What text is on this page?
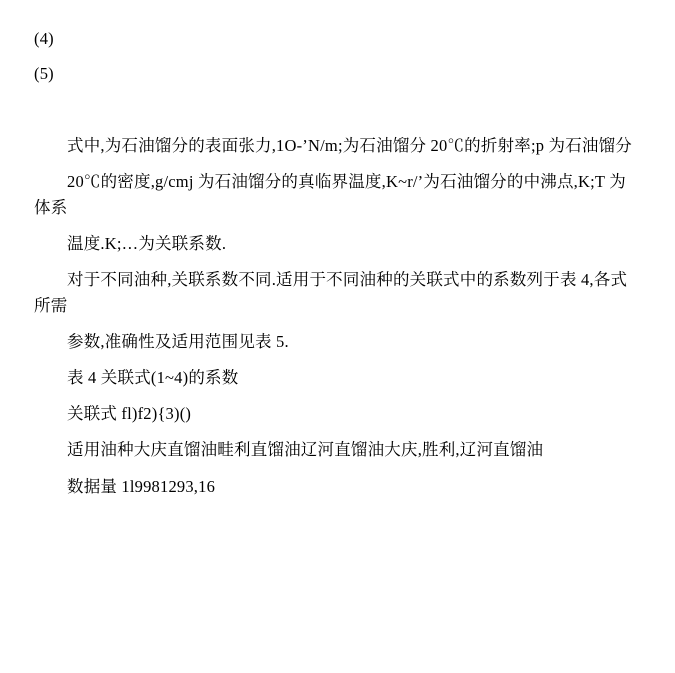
(4)
(5)
式中,为石油馏分的表面张力,1O-’N/m;为石油馏分 20℃的折射率;p 为石油馏分
20℃的密度,g/cmj 为石油馏分的真临界温度,K~r/’为石油馏分的中沸点,K;T 为体系
温度.K;…为关联系数.
对于不同油种,关联系数不同.适用于不同油种的关联式中的系数列于表 4,各式所需
参数,准确性及适用范围见表 5.
表 4 关联式(1~4)的系数
关联式 fl)f2){3)()
适用油种大庆直馏油畦利直馏油辽河直馏油大庆,胜利,辽河直馏油
数据量 1l9981293,16
